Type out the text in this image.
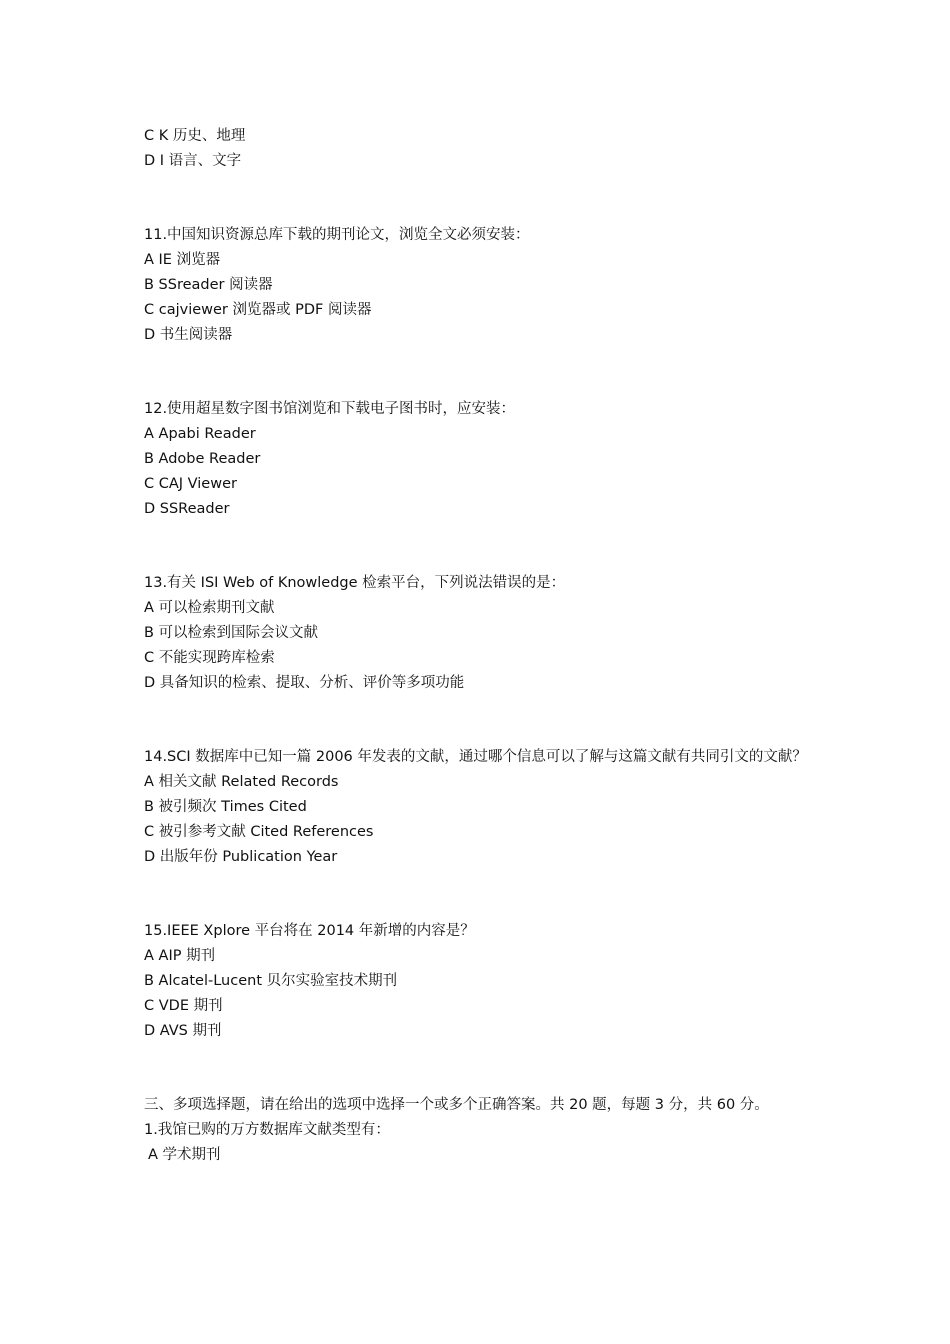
C K 历史、地理
D I 语言、文字
11.中国知识资源总库下载的期刊论文，浏览全文必须安装：
A IE 浏览器
B SSreader 阅读器
C cajviewer 浏览器或 PDF 阅读器
D 书生阅读器
12.使用超星数字图书馆浏览和下载电子图书时，应安装：
A Apabi Reader
B Adobe Reader
C CAJ Viewer
D SSReader
13.有关 ISI Web of Knowledge 检索平台，下列说法错误的是：
A 可以检索期刊文献
B 可以检索到国际会议文献
C 不能实现跨库检索
D 具备知识的检索、提取、分析、评价等多项功能
14.SCI 数据库中已知一篇 2006 年发表的文献，通过哪个信息可以了解与这篇文献有共同引文的文献？
A 相关文献 Related Records
B 被引频次 Times Cited
C 被引参考文献 Cited References
D 出版年份 Publication Year
15.IEEE Xplore 平台将在 2014 年新增的内容是？
A AIP 期刊
B Alcatel-Lucent 贝尔实验室技术期刊
C VDE 期刊
D AVS 期刊
三、多项选择题，请在给出的选项中选择一个或多个正确答案。共 20 题，每题 3 分，共 60 分。
1.我馆已购的万方数据库文献类型有：
A 学术期刊
